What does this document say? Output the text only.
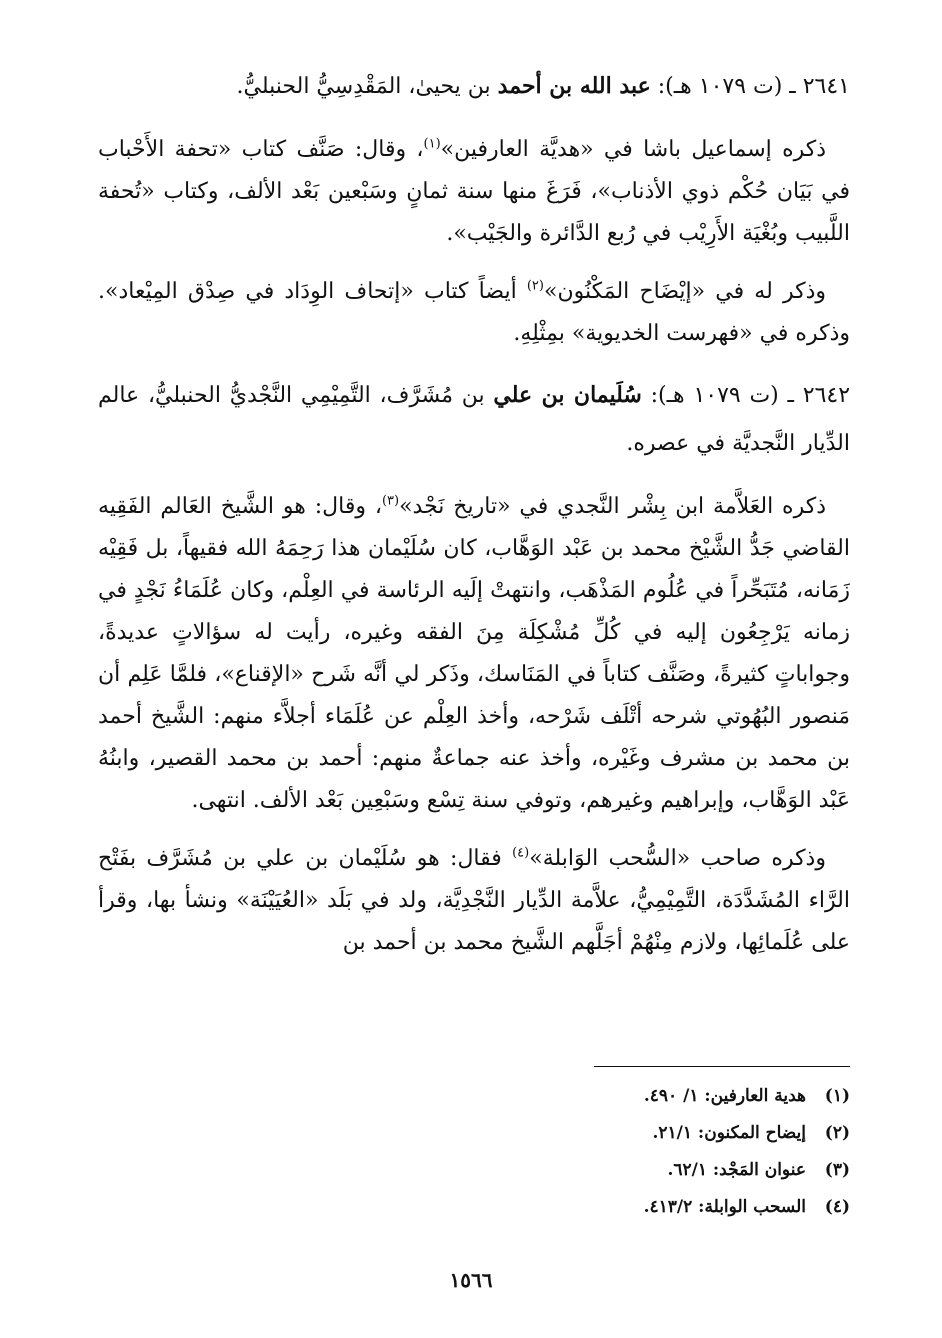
٢٦٤١ ـ (ت ١٠٧٩ هـ): عبد الله بن أحمد بن يحيىٰ، المَقْدِسِيُّ الحنبليُّ.

ذكره إسماعيل باشا في «هديَّة العارفين»$^{(١)}$، وقال: صَنَّف كتاب «تحفة الأَحْباب في بَيَان حُكْم ذوي الأذناب»، فَرَغَ منها سنة ثمانٍ وسَبْعين بَعْد الألف، وكتاب «تُحفة اللَّبيب وبُغْيَة الأَرِيْب في رُبع الدَّائرة والجَيْب».

وذكر له في «إيْضَاح المَكْنُون»$^{(٢)}$ أيضاً كتاب «إتحاف الوِدَاد في صِدْق المِيْعاد». وذكره في «فهرست الخديوية» بمِثْلِهِ.

٢٦٤٢ ـ (ت ١٠٧٩ هـ): سُلَيمان بن علي بن مُشَرَّف، التَّمِيْمِي النَّجْديُّ الحنبليُّ، عالم الدِّيار النَّجديَّة في عصره.

ذكره العَلاَّمة ابن بِشْر النَّجدي في «تاريخ نَجْد»$^{(٣)}$، وقال: هو الشَّيخ العَالم الفَقِيه القاضي جَدُّ الشَّيْخ محمد بن عَبْد الوَهَّاب، كان سُلَيْمان هذا رَحِمَهُ الله فقيهاً، بل فَقِيْه زَمَانه، مُتَبَحِّراً في عُلُوم المَذْهَب، وانتهتْ إلَيه الرئاسة في العِلْم، وكان عُلَمَاءُ نَجْدٍ في زمانه يَرْجِعُون إليه في كُلِّ مُشْكِلَة مِنَ الفقه وغيره، رأيت له سؤالاتٍ عديدةً، وجواباتٍ كثيرةً، وصَنَّف كتاباً في المَنَاسك، وذَكر لي أنَّه شَرح «الإقناع»، فلمَّا عَلِم أن مَنصور البُهُوتي شرحه أتْلَف شَرْحه، وأخذ العِلْم عن عُلَمَاء أجلاَّء منهم: الشَّيخ أحمد بن محمد بن مشرف وغَيْره، وأخذ عنه جماعةٌ منهم: أحمد بن محمد القصير، وابنُهُ عَبْد الوَهَّاب، وإبراهيم وغيرهم، وتوفي سنة تِسْع وسَبْعِين بَعْد الألف. انتهى.

وذكره صاحب «السُّحب الوَابلة»$^{(٤)}$ فقال: هو سُلَيْمان بن علي بن مُشَرَّف بفَتْح الرَّاء المُشَدَّدَة، التَّمِيْمِيُّ، علاَّمة الدِّيار النَّجْدِيَّة، ولد في بَلَد «العُيَيْنَة» ونشأ بها، وقرأ على عُلَمائِها، ولازم مِنْهُمْ أجَلَّهم الشَّيخ محمد بن أحمد بن

(١)هدية العارفين: ١/ ٤٩٠.
(٢)إيضاح المكنون: ٢١/١.
(٣)عنوان المَجْد: ٦٢/١.
(٤)السحب الوابلة: ٤١٣/٢.
١٥٦٦
